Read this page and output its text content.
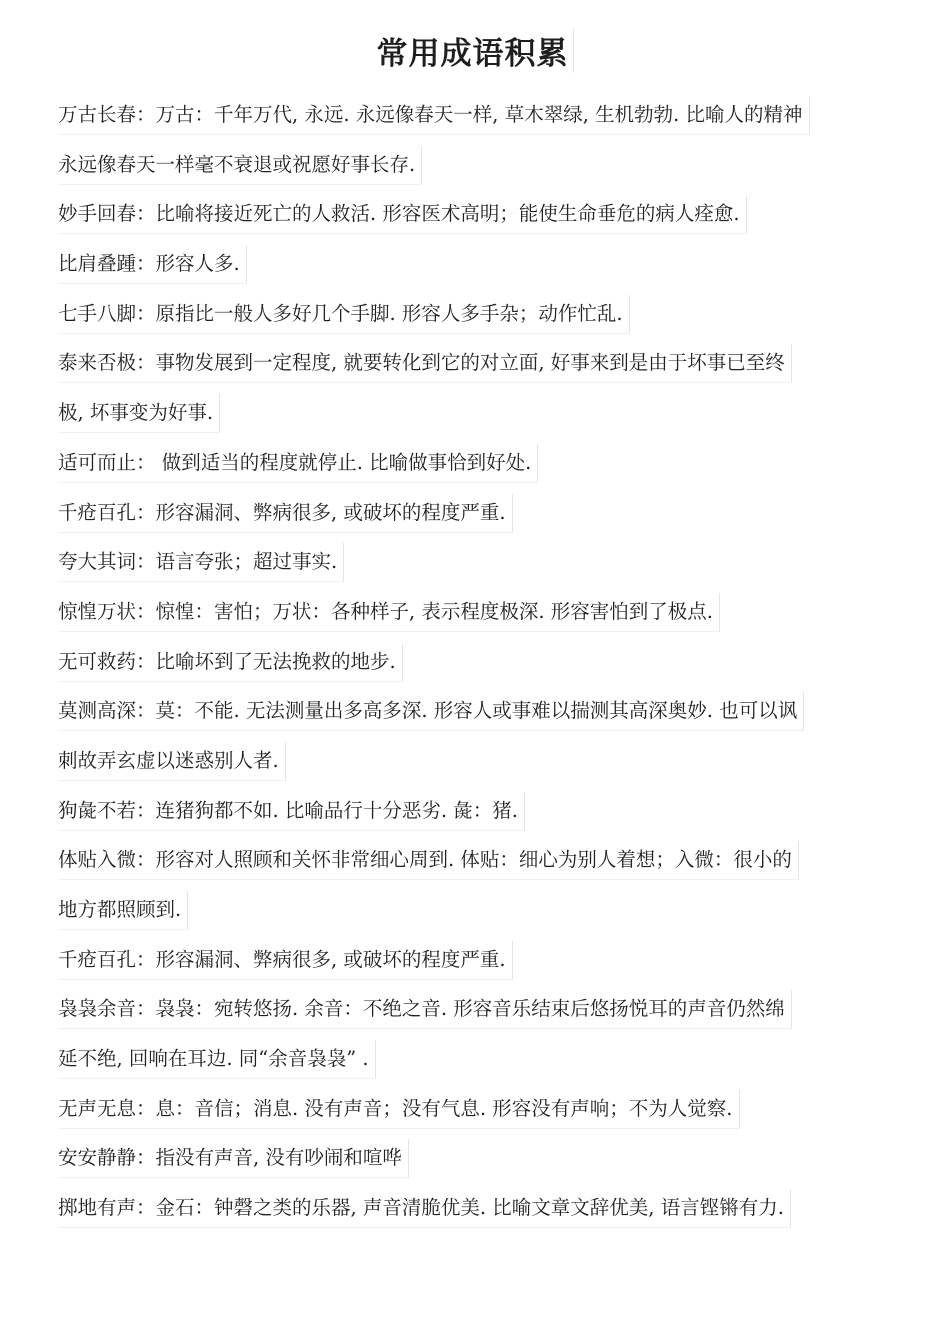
常用成语积累
万古长春：万古：千年万代, 永远. 永远像春天一样, 草木翠绿, 生机勃勃. 比喻人的精神
永远像春天一样毫不衰退或祝愿好事长存.
妙手回春：比喻将接近死亡的人救活. 形容医术高明；能使生命垂危的病人痊愈.
比肩叠踵：形容人多.
七手八脚：原指比一般人多好几个手脚. 形容人多手杂；动作忙乱.
泰来否极：事物发展到一定程度, 就要转化到它的对立面, 好事来到是由于坏事已至终
极, 坏事变为好事.
适可而止： 做到适当的程度就停止. 比喻做事恰到好处.
千疮百孔：形容漏洞、弊病很多, 或破坏的程度严重.
夸大其词：语言夸张；超过事实.
惊惶万状：惊惶：害怕；万状：各种样子, 表示程度极深. 形容害怕到了极点.
无可救药：比喻坏到了无法挽救的地步.
莫测高深：莫：不能. 无法测量出多高多深. 形容人或事难以揣测其高深奥妙. 也可以讽
刺故弄玄虚以迷惑别人者.
狗彘不若：连猪狗都不如. 比喻品行十分恶劣. 彘：猪.
体贴入微：形容对人照顾和关怀非常细心周到. 体贴：细心为别人着想；入微：很小的
地方都照顾到.
千疮百孔：形容漏洞、弊病很多, 或破坏的程度严重.
袅袅余音：袅袅：宛转悠扬. 余音：不绝之音. 形容音乐结束后悠扬悦耳的声音仍然绵
延不绝, 回响在耳边. 同“余音袅袅” .
无声无息：息：音信；消息. 没有声音；没有气息. 形容没有声响；不为人觉察.
安安静静：指没有声音, 没有吵闹和喧哗
掷地有声：金石：钟磬之类的乐器, 声音清脆优美. 比喻文章文辞优美, 语言铿锵有力.
